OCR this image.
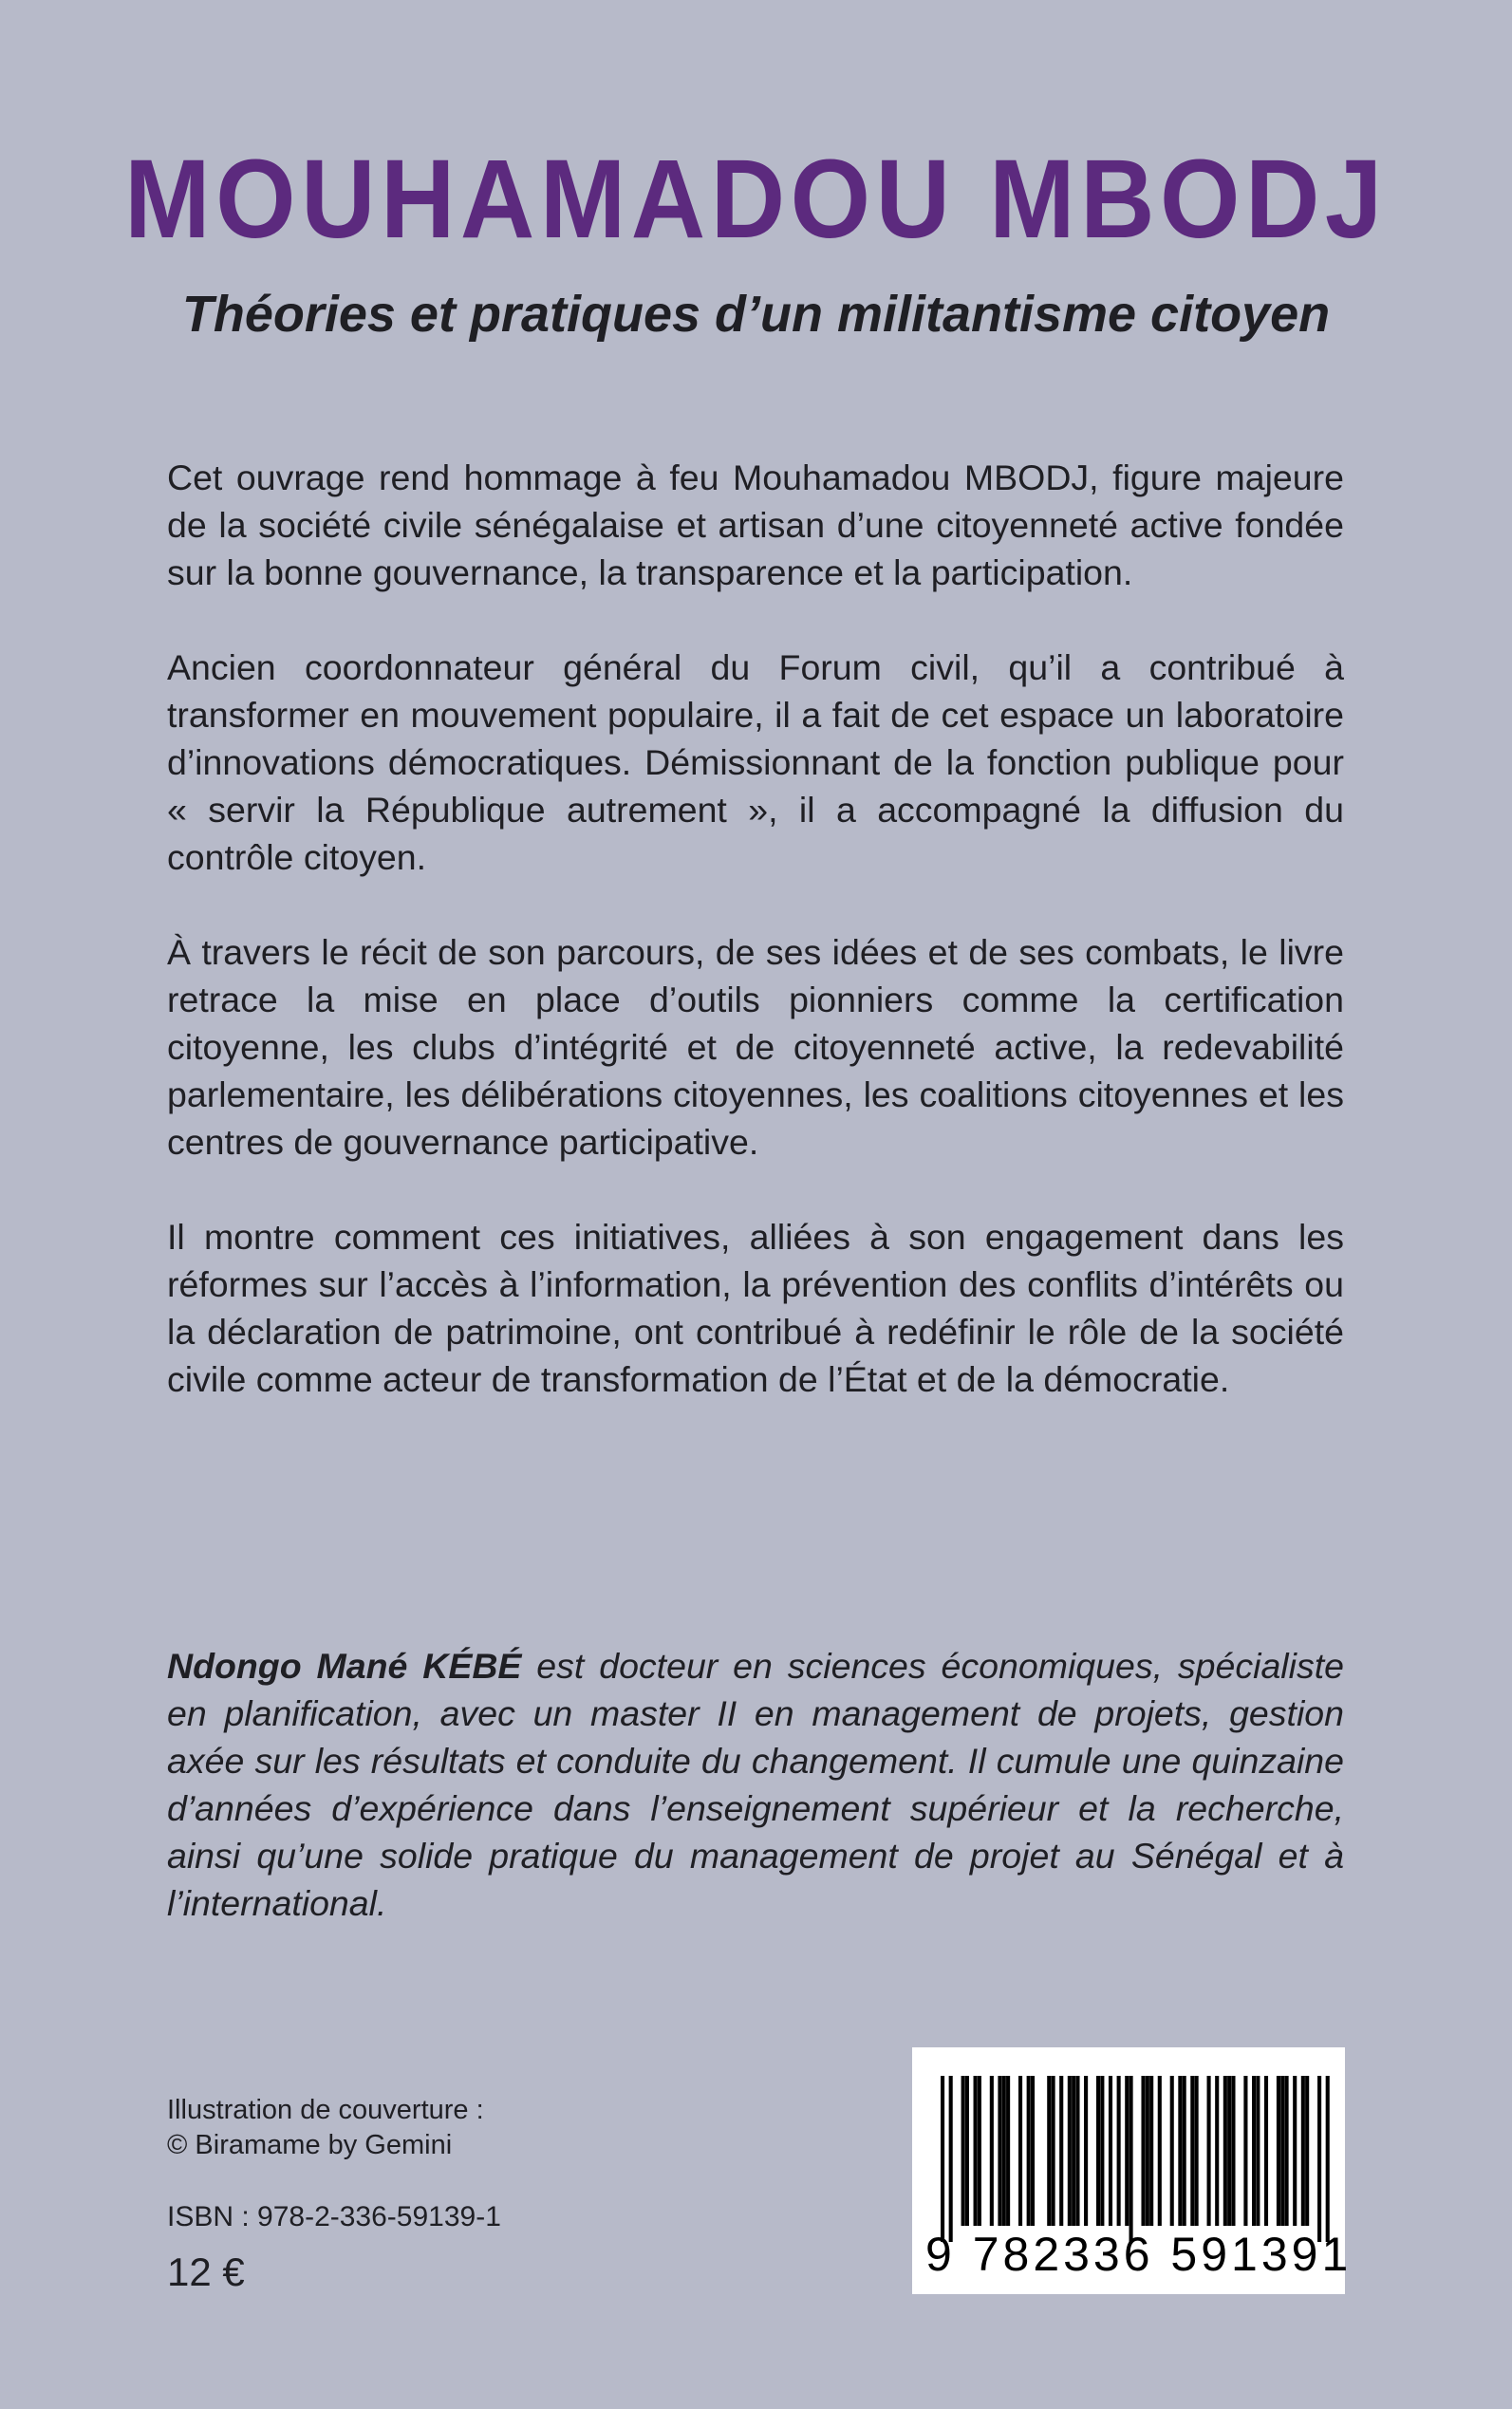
MOUHAMADOU MBODJ
Théories et pratiques d’un militantisme citoyen

Cet ouvrage rend hommage à feu Mouhamadou MBODJ, figure majeure de la société civile sénégalaise et artisan d’une citoyenneté active fondée sur la bonne gouvernance, la transparence et la participation.

Ancien coordonnateur général du Forum civil, qu’il a contribué à transformer en mouvement populaire, il a fait de cet espace un laboratoire d’innovations démocratiques. Démissionnant de la fonction publique pour « servir la République autrement », il a accompagné la diffusion du contrôle citoyen.

À travers le récit de son parcours, de ses idées et de ses combats, le livre retrace la mise en place d’outils pionniers comme la certification citoyenne, les clubs d’intégrité et de citoyenneté active, la redevabilité parlementaire, les délibérations citoyennes, les coalitions citoyennes et les centres de gouvernance participative.

Il montre comment ces initiatives, alliées à son engagement dans les réformes sur l’accès à l’information, la prévention des conflits d’intérêts ou la déclaration de patrimoine, ont contribué à redéfinir le rôle de la société civile comme acteur de transformation de l’État et de la démocratie.

Ndongo Mané KÉBÉ est docteur en sciences économiques, spécialiste en planification, avec un master II en management de projets, gestion axée sur les résultats et conduite du changement. Il cumule une quinzaine d’années d’expérience dans l’enseignement supérieur et la recherche, ainsi qu’une solide pratique du management de projet au Sénégal et à l’international.

Illustration de couverture :
© Biramame by Gemini
ISBN : 978-2-336-59139-1
12 €	9 782336 591391
